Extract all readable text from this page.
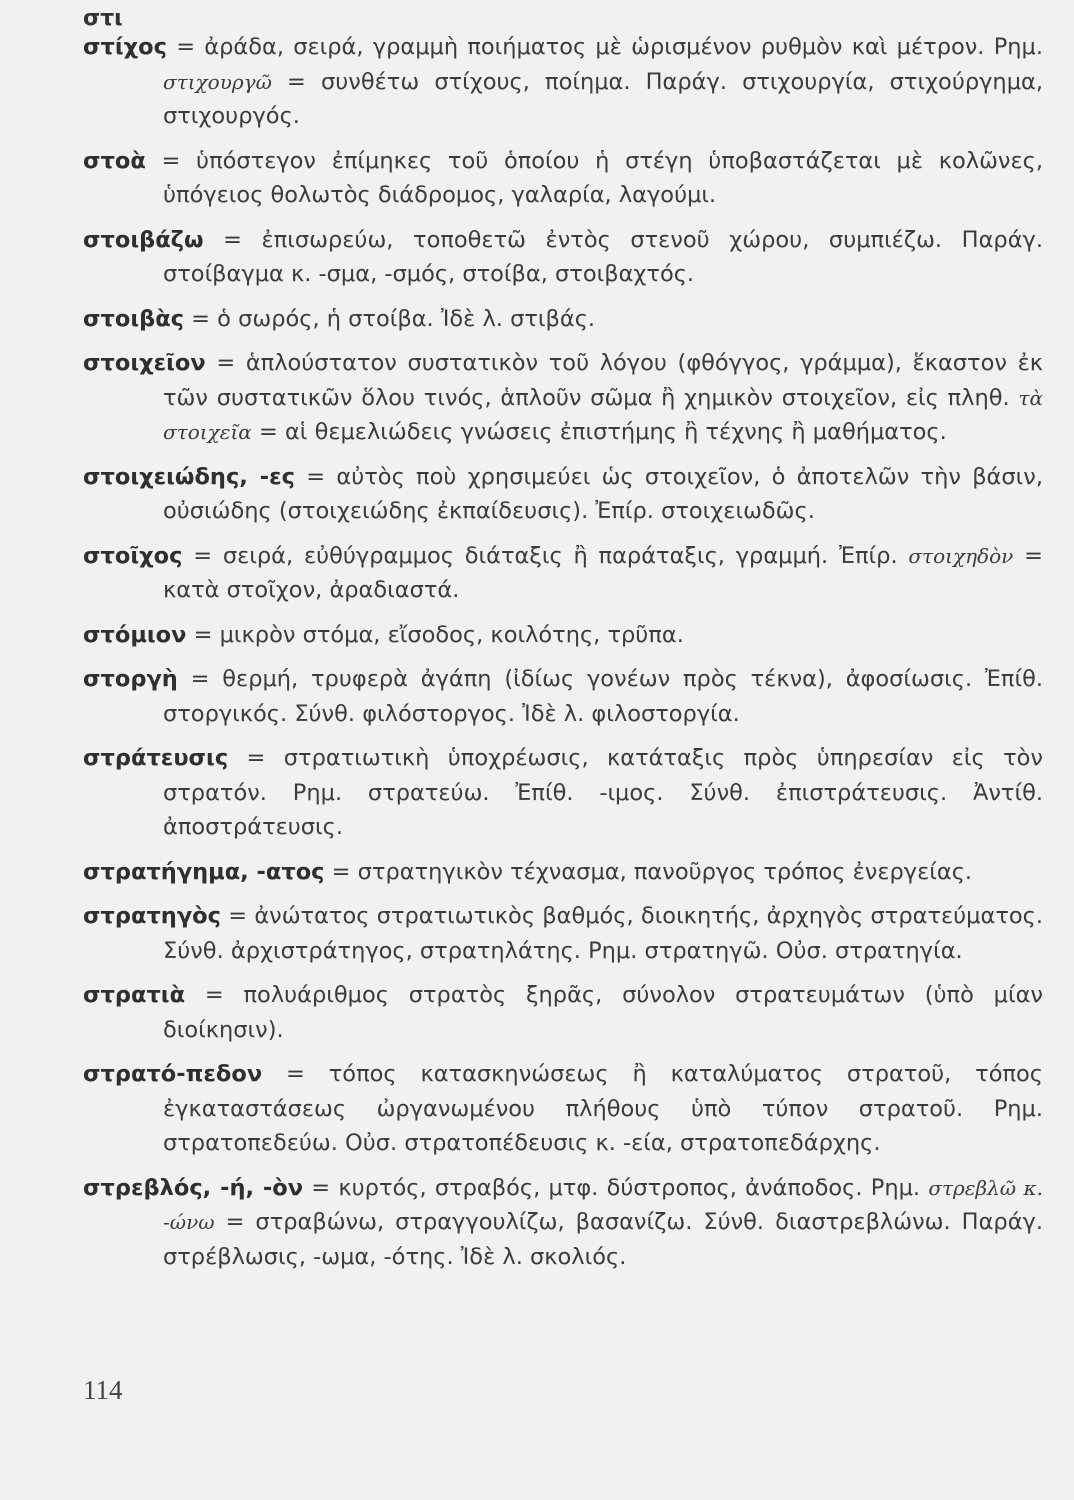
στι

στίχος = ἀράδα, σειρά, γραμμὴ ποιήματος μὲ ὡρισμένον ρυθμὸν καὶ μέτρον. Ρημ. στιχουργῶ = συνθέτω στίχους, ποίημα. Παράγ. στιχουργία, στιχούργημα, στιχουργός.

στοὰ = ὑπόστεγον ἐπίμηκες τοῦ ὁποίου ἡ στέγη ὑποβαστάζεται μὲ κολῶνες, ὑπόγειος θολωτὸς διάδρομος, γαλαρία, λαγούμι.

στοιβάζω = ἐπισωρεύω, τοποθετῶ ἐντὸς στενοῦ χώρου, συμπιέζω. Παράγ. στοίβαγμα κ. -σμα, -σμός, στοίβα, στοιβαχτός.

στοιβὰς = ὁ σωρός, ἡ στοίβα. Ἰδὲ λ. στιβάς.

στοιχεῖον = ἁπλούστατον συστατικὸν τοῦ λόγου (φθόγγος, γράμμα), ἕκαστον ἐκ τῶν συστατικῶν ὅλου τινός, ἁπλοῦν σῶμα ἢ χημικὸν στοιχεῖον, εἰς πληθ. τὰ στοιχεῖα = αἱ θεμελιώδεις γνώσεις ἐπιστήμης ἢ τέχνης ἢ μαθήματος.

στοιχειώδης, -ες = αὐτὸς ποὺ χρησιμεύει ὡς στοιχεῖον, ὁ ἀποτελῶν τὴν βάσιν, οὐσιώδης (στοιχειώδης ἐκπαίδευσις). Ἐπίρ. στοιχειωδῶς.

στοῖχος = σειρά, εὐθύγραμμος διάταξις ἢ παράταξις, γραμμή. Ἐπίρ. στοιχηδὸν = κατὰ στοῖχον, ἀραδιαστά.

στόμιον = μικρὸν στόμα, εἴσοδος, κοιλότης, τρῦπα.

στοργὴ = θερμή, τρυφερὰ ἀγάπη (ἰδίως γονέων πρὸς τέκνα), ἀφοσίωσις. Ἐπίθ. στοργικός. Σύνθ. φιλόστοργος. Ἰδὲ λ. φιλοστοργία.

στράτευσις = στρατιωτικὴ ὑποχρέωσις, κατάταξις πρὸς ὑπηρεσίαν εἰς τὸν στρατόν. Ρημ. στρατεύω. Ἐπίθ. -ιμος. Σύνθ. ἐπιστράτευσις. Ἀντίθ. ἀποστράτευσις.

στρατήγημα, -ατος = στρατηγικὸν τέχνασμα, πανοῦργος τρόπος ἐνεργείας.

στρατηγὸς = ἀνώτατος στρατιωτικὸς βαθμός, διοικητής, ἀρχηγὸς στρατεύματος. Σύνθ. ἀρχιστράτηγος, στρατηλάτης. Ρημ. στρατηγῶ. Οὐσ. στρατηγία.

στρατιὰ = πολυάριθμος στρατὸς ξηρᾶς, σύνολον στρατευμάτων (ὑπὸ μίαν διοίκησιν).

στρατό-πεδον = τόπος κατασκηνώσεως ἢ καταλύματος στρατοῦ, τόπος ἐγκαταστάσεως ὠργανωμένου πλήθους ὑπὸ τύπον στρατοῦ. Ρημ. στρατοπεδεύω. Οὐσ. στρατοπέδευσις κ. -εία, στρατοπεδάρχης.

στρεβλός, -ή, -ὸν = κυρτός, στραβός, μτφ. δύστροπος, ἀνάποδος. Ρημ. στρεβλῶ κ. -ώνω = στραβώνω, στραγγουλίζω, βασανίζω. Σύνθ. διαστρεβλώνω. Παράγ. στρέβλωσις, -ωμα, -ότης. Ἰδὲ λ. σκολιός.

114
